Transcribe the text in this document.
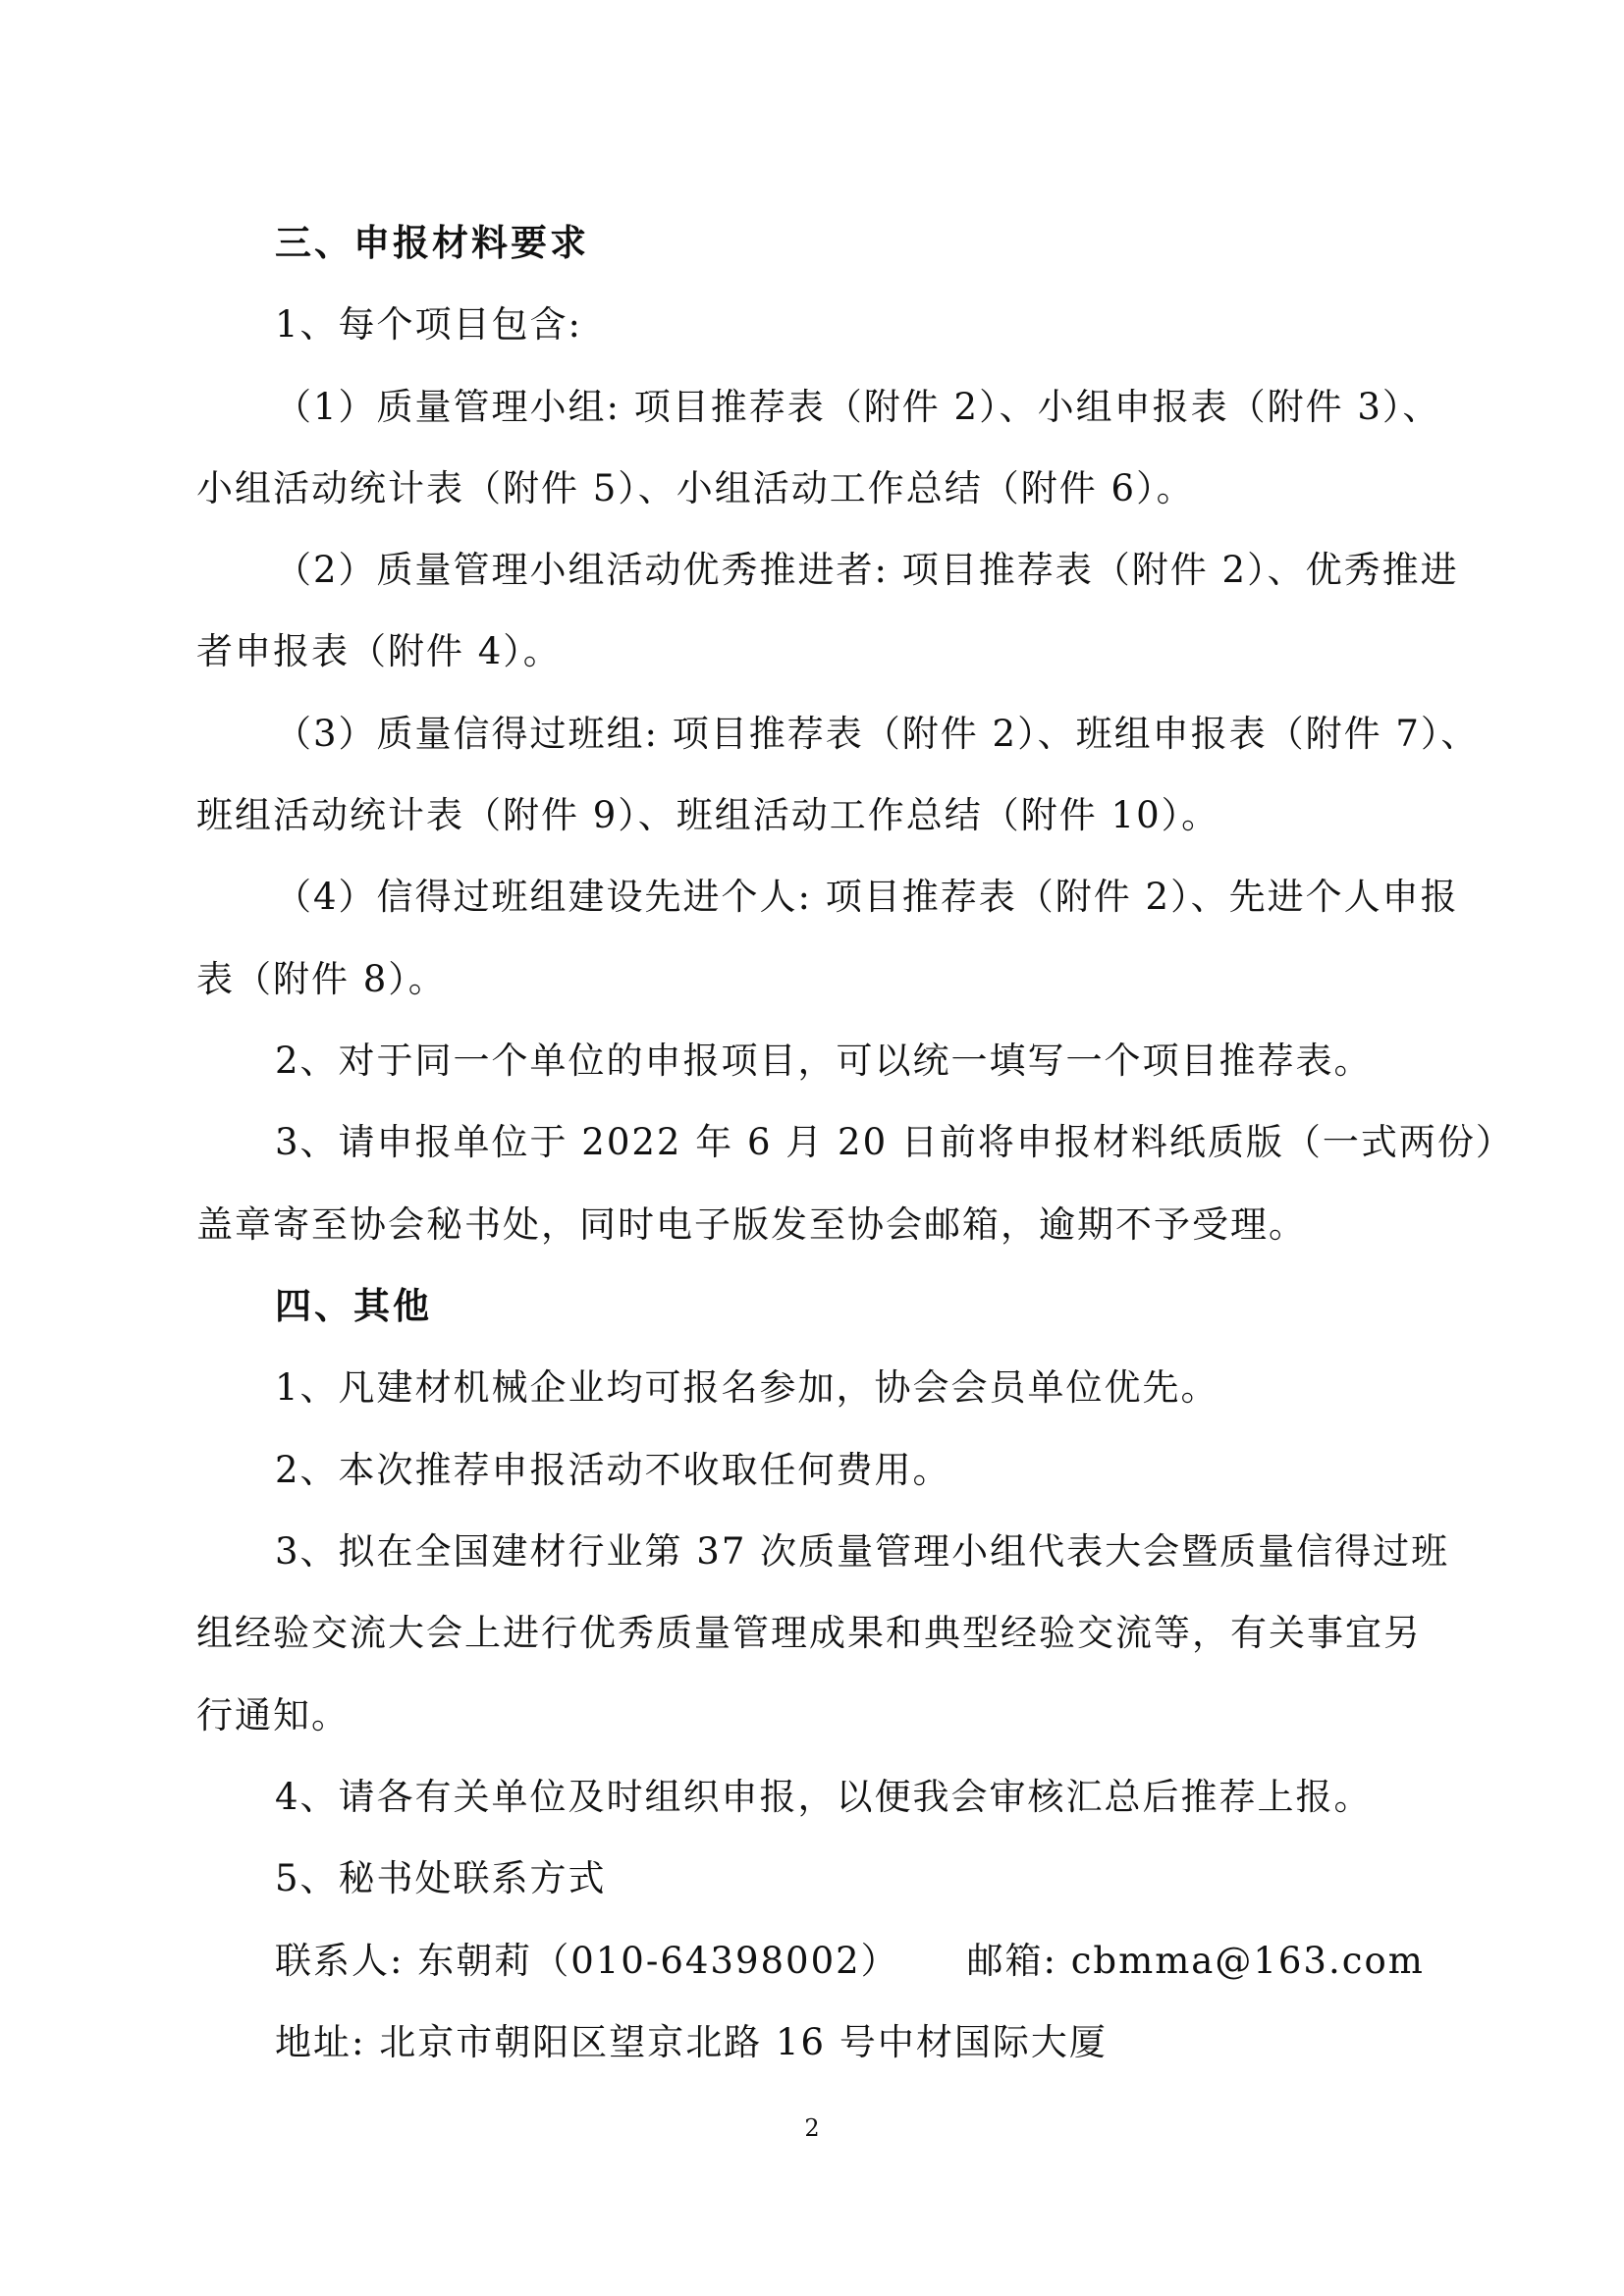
三、申报材料要求
1、每个项目包含:
（1）质量管理小组: 项目推荐表（附件 2）、小组申报表（附件 3）、
小组活动统计表（附件 5）、小组活动工作总结（附件 6）。
（2）质量管理小组活动优秀推进者: 项目推荐表（附件 2）、优秀推进
者申报表（附件 4）。
（3）质量信得过班组: 项目推荐表（附件 2）、班组申报表（附件 7）、
班组活动统计表（附件 9）、班组活动工作总结（附件 10）。
（4）信得过班组建设先进个人: 项目推荐表（附件 2）、先进个人申报
表（附件 8）。
2、对于同一个单位的申报项目，可以统一填写一个项目推荐表。
3、请申报单位于 2022 年 6 月 20 日前将申报材料纸质版（一式两份）
盖章寄至协会秘书处，同时电子版发至协会邮箱，逾期不予受理。
四、其他
1、凡建材机械企业均可报名参加，协会会员单位优先。
2、本次推荐申报活动不收取任何费用。
3、拟在全国建材行业第 37 次质量管理小组代表大会暨质量信得过班
组经验交流大会上进行优秀质量管理成果和典型经验交流等，有关事宜另
行通知。
4、请各有关单位及时组织申报，以便我会审核汇总后推荐上报。
5、秘书处联系方式
联系人: 东朝莉（010-64398002）     邮箱: cbmma@163.com
地址: 北京市朝阳区望京北路 16 号中材国际大厦
2
